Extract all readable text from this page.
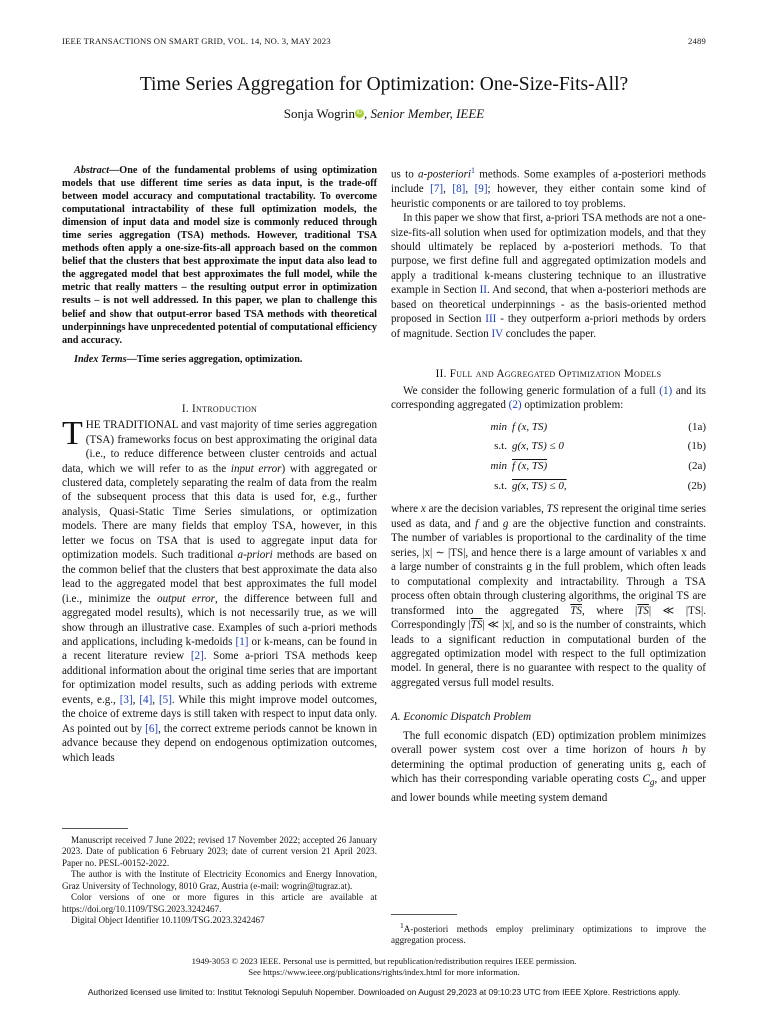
IEEE TRANSACTIONS ON SMART GRID, VOL. 14, NO. 3, MAY 2023	2489
Time Series Aggregation for Optimization: One-Size-Fits-All?
Sonja Wogrin iD , Senior Member, IEEE

Abstract—One of the fundamental problems of using optimization models that use different time series as data input, is the trade-off between model accuracy and computational tractability. To overcome computational intractability of these full optimization models, the dimension of input data and model size is commonly reduced through time series aggregation (TSA) methods. However, traditional TSA methods often apply a one-size-fits-all approach based on the common belief that the clusters that best approximate the input data also lead to the aggregated model that best approximates the full model, while the metric that really matters – the resulting output error in optimization results – is not well addressed. In this paper, we plan to challenge this belief and show that output-error based TSA methods with theoretical underpinnings have unprecedented potential of computational efficiency and accuracy.

Index Terms—Time series aggregation, optimization.

I. Introduction

THE TRADITIONAL and vast majority of time series aggregation (TSA) frameworks focus on best approximating the original data (i.e., to reduce difference between cluster centroids and actual data, which we will refer to as the input error) with aggregated or clustered data, completely separating the realm of data from the realm of the subsequent process that this data is used for, e.g., further analysis, Quasi-Static Time Series simulations, or optimization models. There are many fields that employ TSA, however, in this letter we focus on TSA that is used to aggregate input data for optimization models. Such traditional a-priori methods are based on the common belief that the clusters that best approximate the data also lead to the aggregated model that best approximates the full model (i.e., minimize the output error, the difference between full and aggregated model results), which is not necessarily true, as we will show through an illustrative case. Examples of such a-priori methods and applications, including k-medoids [1] or k-means, can be found in a recent literature review [2]. Some a-priori TSA methods keep additional information about the original time series that are important for optimization model results, such as adding periods with extreme events, e.g., [3], [4], [5]. While this might improve model outcomes, the choice of extreme days is still taken with respect to input data only. As pointed out by [6], the correct extreme periods cannot be known in advance because they depend on endogenous optimization outcomes, which leads

Manuscript received 7 June 2022; revised 17 November 2022; accepted 26 January 2023. Date of publication 6 February 2023; date of current version 21 April 2023. Paper no. PESL-00152-2022.

The author is with the Institute of Electricity Economics and Energy Innovation, Graz University of Technology, 8010 Graz, Austria (e-mail: wogrin@tugraz.at).

Color versions of one or more figures in this article are available at https://doi.org/10.1109/TSG.2023.3242467.

Digital Object Identifier 10.1109/TSG.2023.3242467

us to a-posteriori$^1$ methods. Some examples of a-posteriori methods include [7], [8], [9]; however, they either contain some kind of heuristic components or are tailored to toy problems.

In this paper we show that first, a-priori TSA methods are not a one-size-fits-all solution when used for optimization models, and that they should ultimately be replaced by a-posteriori methods. To that purpose, we first define full and aggregated optimization models and apply a traditional k-means clustering technique to an illustrative example in Section II. And second, that when a-posteriori methods are based on theoretical underpinnings - as the basis-oriented method proposed in Section III - they outperform a-priori methods by orders of magnitude. Section IV concludes the paper.

II. Full and Aggregated Optimization Models

We consider the following generic formulation of a full (1) and its corresponding aggregated (2) optimization problem:

min f (x, TS)	(1a)
s.t. g(x, TS) ≤ 0	(1b)
min f (x, TS)	(2a)
s.t. g(x, TS) ≤ 0,	(2b)

where x are the decision variables, TS represent the original time series used as data, and f and g are the objective function and constraints. The number of variables is proportional to the cardinality of the time series, |x| ∼ |TS|, and hence there is a large amount of variables x and a large number of constraints g in the full problem, which often leads to computational complexity and intractability. Through a TSA process often obtain through clustering algorithms, the original TS are transformed into the aggregated $\overline{TS}$, where $|\overline{TS}|$ ≪ |TS|. Correspondingly $|\overline{TS}|$ ≪ |x|, and so is the number of constraints, which leads to a significant reduction in computational burden of the aggregated optimization model with respect to the full optimization model. In general, there is no guarantee with respect to the quality of aggregated versus full model results.

A. Economic Dispatch Problem

The full economic dispatch (ED) optimization problem minimizes overall power system cost over a time horizon of hours h by determining the optimal production of generating units g, each of which has their corresponding variable operating costs $C_g$, and upper and lower bounds while meeting system demand

$^1$A-posteriori methods employ preliminary optimizations to improve the aggregation process.
1949-3053 © 2023 IEEE. Personal use is permitted, but republication/redistribution requires IEEE permission.
See https://www.ieee.org/publications/rights/index.html for more information.
Authorized licensed use limited to: Institut Teknologi Sepuluh Nopember. Downloaded on August 29,2023 at 09:10:23 UTC from IEEE Xplore. Restrictions apply.
